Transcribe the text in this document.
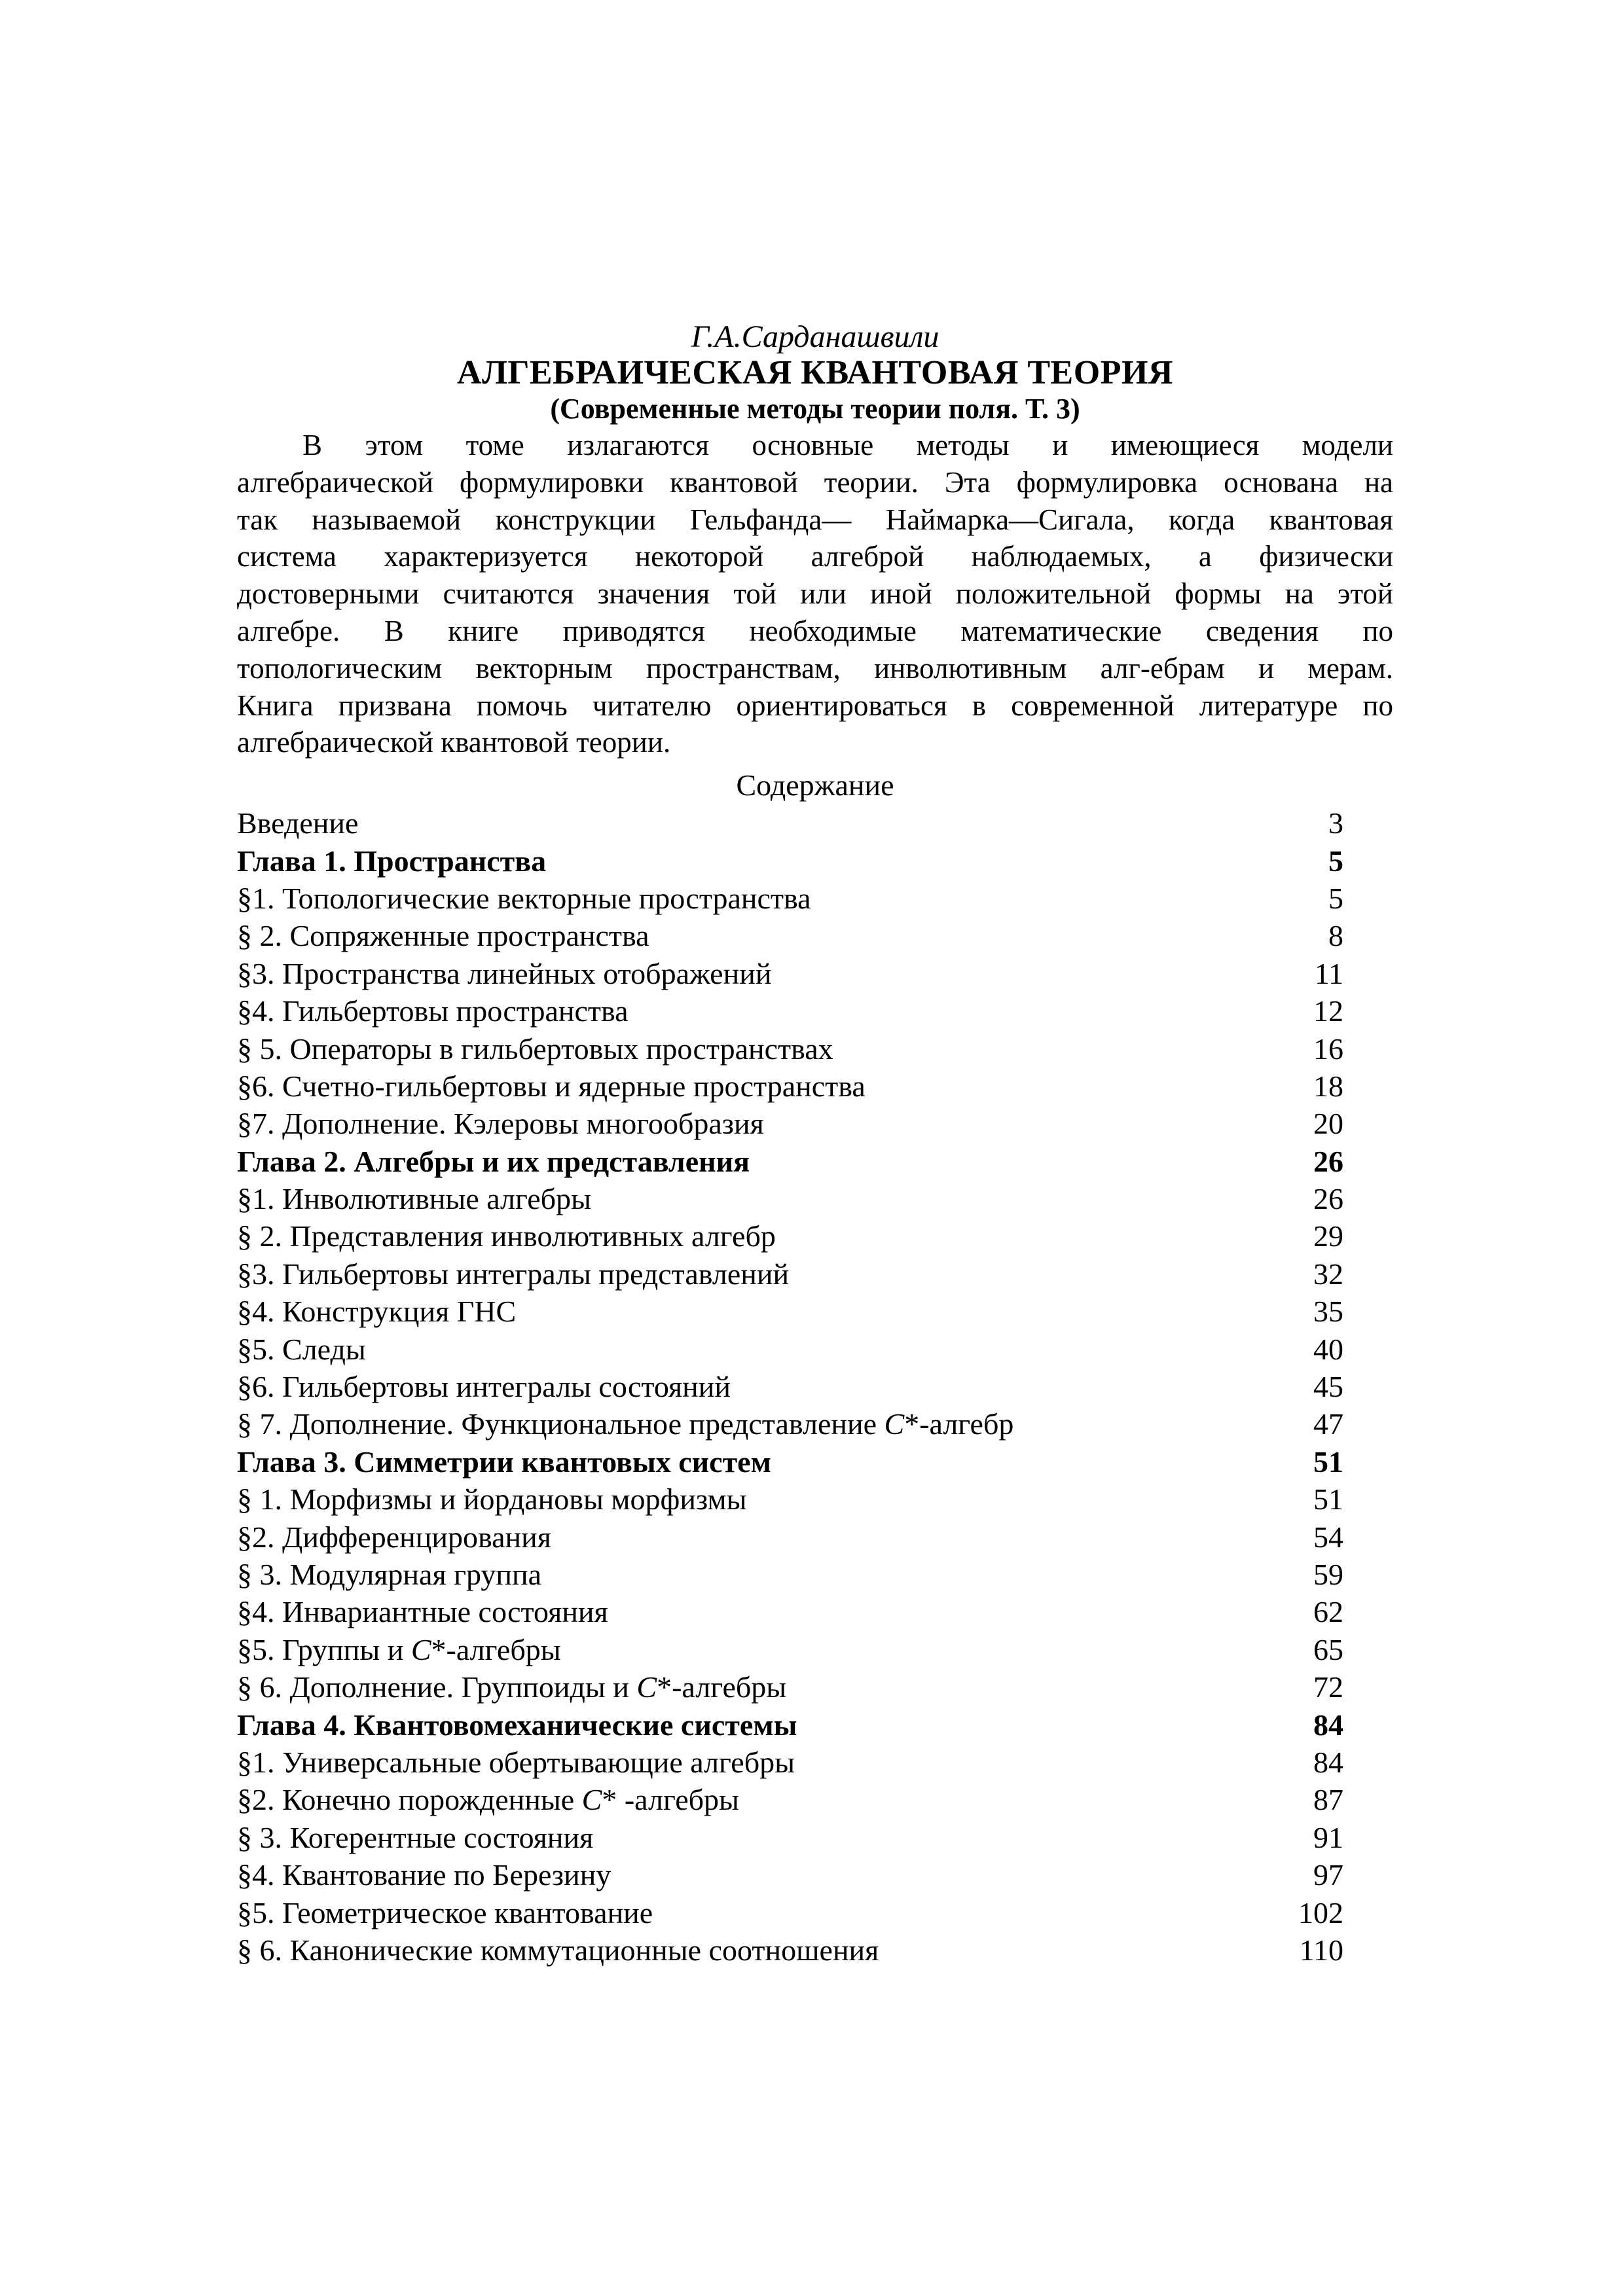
Г.А.Сарданашвили
АЛГЕБРАИЧЕСКАЯ КВАНТОВАЯ ТЕОРИЯ
(Современные методы теории поля. Т. 3)
В этом томе излагаются основные методы и имеющиеся модели
алгебраической формулировки квантовой теории. Эта формулировка основана на
так называемой конструкции Гельфанда— Наймарка—Сигала, когда квантовая
система характеризуется некоторой алгеброй наблюдаемых, а физически
достоверными считаются значения той или иной положительной формы на этой
алгебре. В книге приводятся необходимые математические сведения по
топологическим векторным пространствам, инволютивным алг-ебрам и мерам.
Книга призвана помочь читателю ориентироваться в современной литературе по
алгебраической квантовой теории.
Содержание
Введение	3
Глава 1. Пространства	5
§1. Топологические векторные пространства	5
§ 2. Сопряженные пространства	8
§3. Пространства линейных отображений	11
§4. Гильбертовы пространства	12
§ 5. Операторы в гильбертовых пространствах	16
§6. Счетно-гильбертовы и ядерные пространства	18
§7. Дополнение. Кэлеровы многообразия	20
Глава 2. Алгебры и их представления	26
§1. Инволютивные алгебры	26
§ 2. Представления инволютивных алгебр	29
§3. Гильбертовы интегралы представлений	32
§4. Конструкция ГНС	35
§5. Следы	40
§6. Гильбертовы интегралы состояний	45
§ 7. Дополнение. Функциональное представление C*-алгебр	47
Глава 3. Симметрии квантовых систем	51
§ 1. Морфизмы и йордановы морфизмы	51
§2. Дифференцирования	54
§ 3. Модулярная группа	59
§4. Инвариантные состояния	62
§5. Группы и C*-алгебры	65
§ 6. Дополнение. Группоиды и C*-алгебры	72
Глава 4. Квантовомеханические системы	84
§1. Универсальные обертывающие алгебры	84
§2. Конечно порожденные C* -алгебры	87
§ 3. Когерентные состояния	91
§4. Квантование по Березину	97
§5. Геометрическое квантование	102
§ 6. Канонические коммутационные соотношения	110
